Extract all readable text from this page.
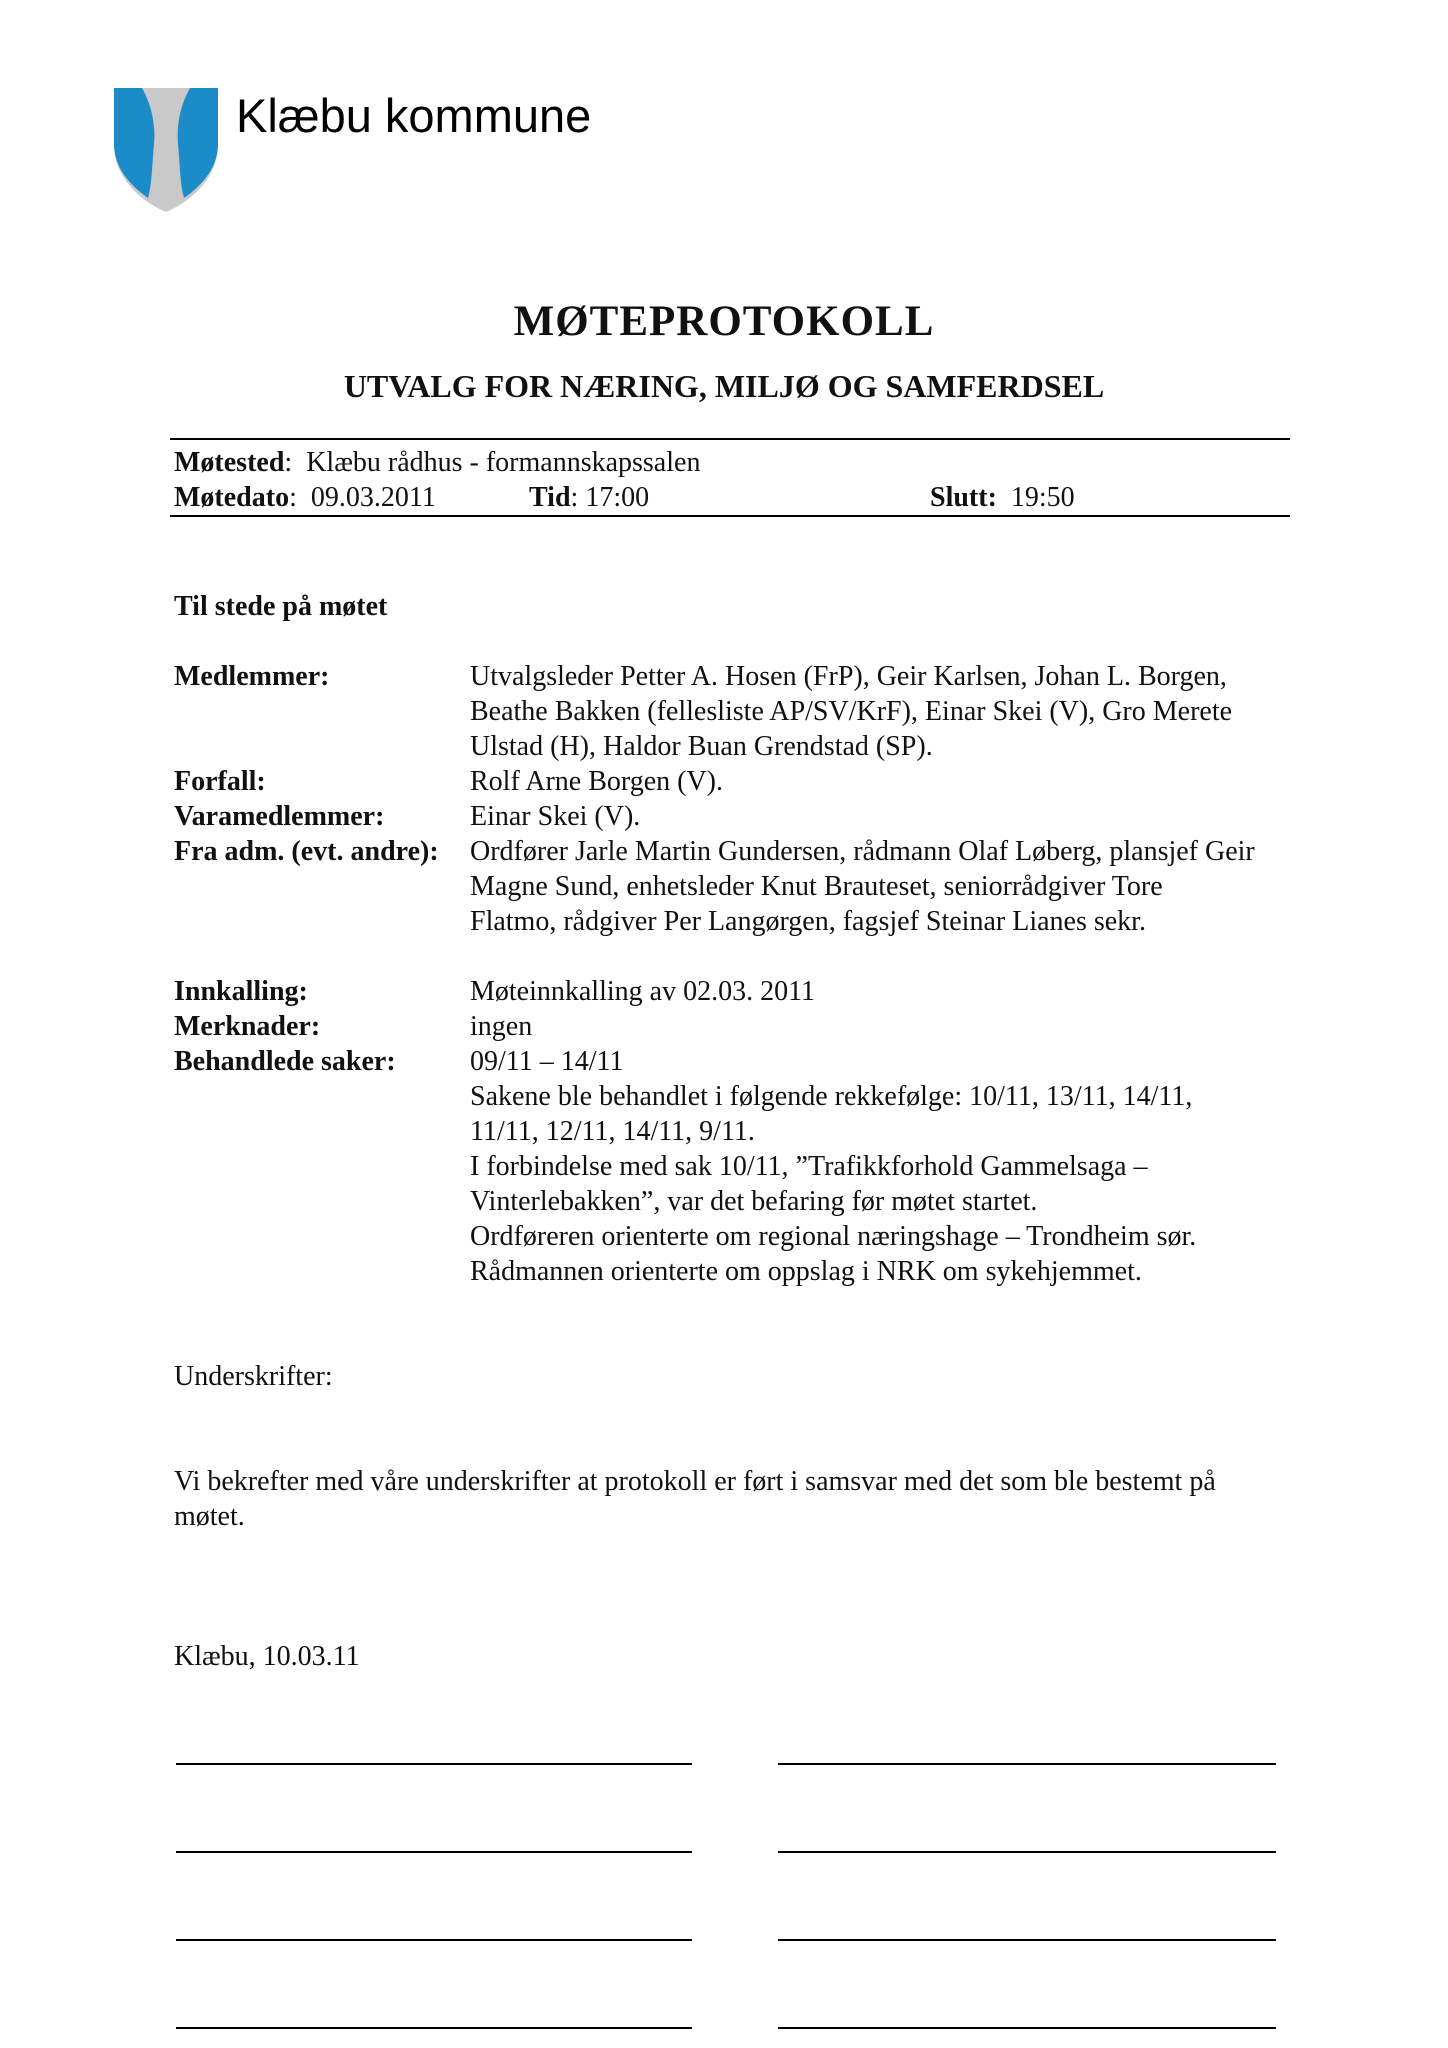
Klæbu kommune
MØTEPROTOKOLL
UTVALG FOR NÆRING, MILJØ OG SAMFERDSEL
Møtested:  Klæbu rådhus - formannskapssalen
Møtedato:  09.03.2011	Tid: 17:00	Slutt: 19:50
Til stede på møtet
Medlemmer:	Utvalgsleder Petter A. Hosen (FrP), Geir Karlsen, Johan L. Borgen,

Beathe Bakken (fellesliste AP/SV/KrF), Einar Skei (V), Gro Merete

Ulstad (H), Haldor Buan Grendstad (SP).

Forfall:	Rolf Arne Borgen (V).
Varamedlemmer:	Einar Skei (V).
Fra adm. (evt. andre): Ordfører Jarle Martin Gundersen, rådmann Olaf Løberg, plansjef Geir

Magne Sund, enhetsleder Knut Brauteset, seniorrådgiver Tore

Flatmo, rådgiver Per Langørgen, fagsjef Steinar Lianes sekr.

Innkalling:	Møteinnkalling av 02.03. 2011
Merknader:	ingen
Behandlede saker:	09/11 – 14/11

Sakene ble behandlet i følgende rekkefølge: 10/11, 13/11, 14/11,

11/11, 12/11, 14/11, 9/11.

I forbindelse med sak 10/11, ”Trafikkforhold Gammelsaga –

Vinterlebakken”, var det befaring før møtet startet.

Ordføreren orienterte om regional næringshage – Trondheim sør.

Rådmannen orienterte om oppslag i NRK om sykehjemmet.

Underskrifter:
Vi bekrefter med våre underskrifter at protokoll er ført i samsvar med det som ble bestemt på
møtet.
Klæbu, 10.03.11
